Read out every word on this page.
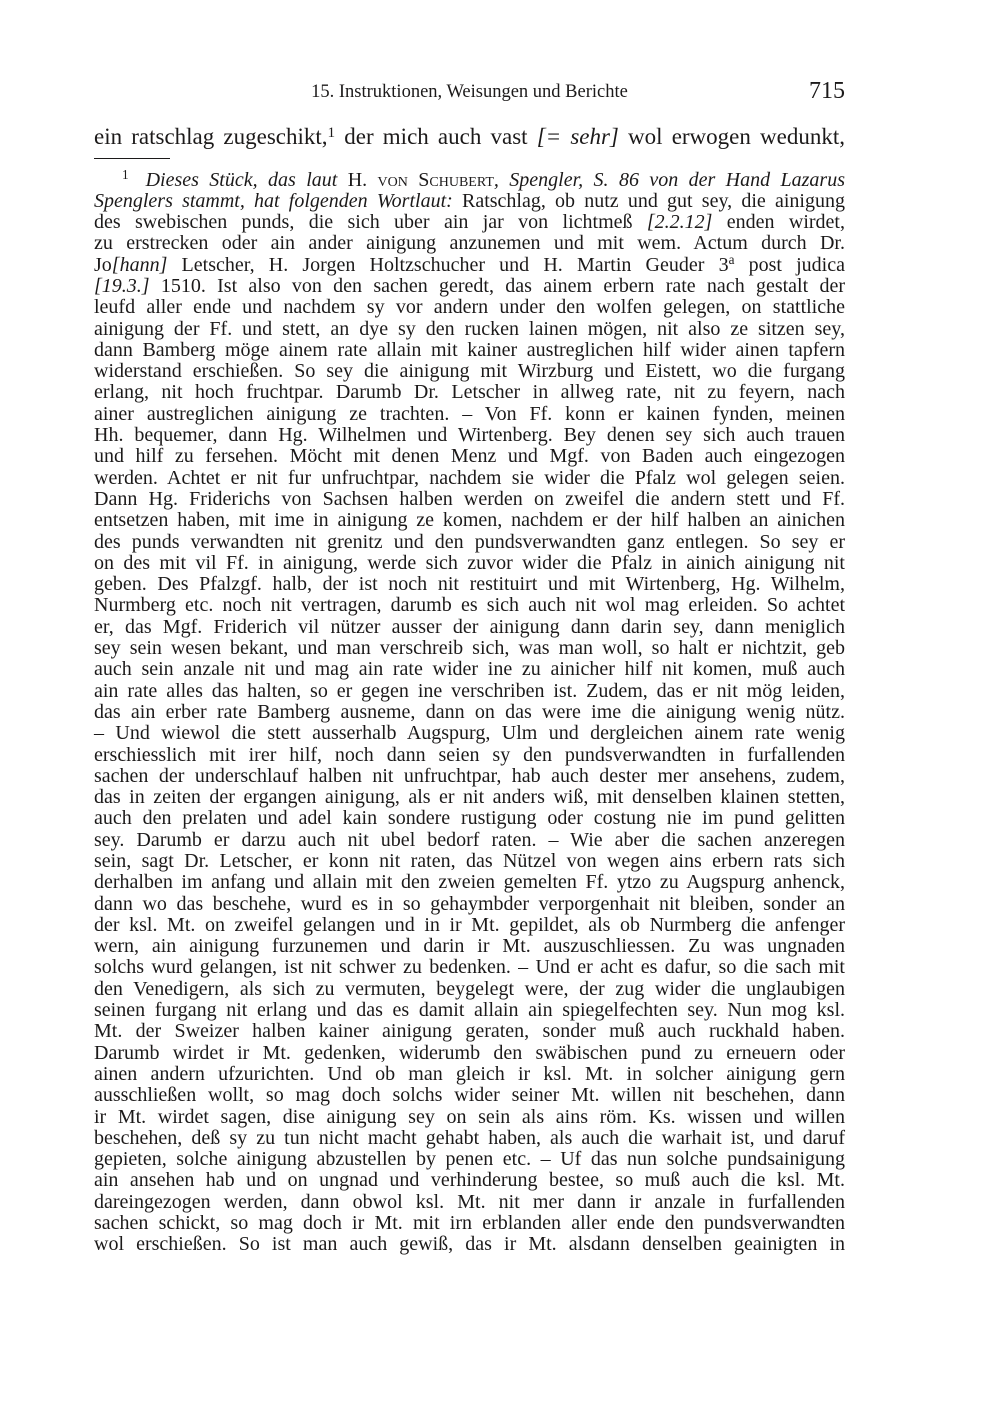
15. Instruktionen, Weisungen und Berichte	715
ein ratschlag zugeschikt,$^1$ der mich auch vast [= sehr] wol erwogen wedunkt,
$^1$ Dieses Stück, das laut H. von Schubert, Spengler, S. 86 von der Hand Lazarus
Spenglers stammt, hat folgenden Wortlaut: Ratschlag, ob nutz und gut sey, die ainigung
des swebischen punds, die sich uber ain jar von lichtmeß [2.2.12] enden wirdet,
zu erstrecken oder ain ander ainigung anzunemen und mit wem. Actum durch Dr.
Jo[hann] Letscher, H. Jorgen Holtzschucher und H. Martin Geuder 3$^a$ post judica
[19.3.] 1510. Ist also von den sachen geredt, das ainem erbern rate nach gestalt der
leufd aller ende und nachdem sy vor andern under den wolfen gelegen, on stattliche
ainigung der Ff. und stett, an dye sy den rucken lainen mögen, nit also ze sitzen sey,
dann Bamberg möge ainem rate allain mit kainer austreglichen hilf wider ainen tapfern
widerstand erschießen. So sey die ainigung mit Wirzburg und Eistett, wo die furgang
erlang, nit hoch fruchtpar. Darumb Dr. Letscher in allweg rate, nit zu feyern, nach
ainer austreglichen ainigung ze trachten. – Von Ff. konn er kainen fynden, meinen
Hh. bequemer, dann Hg. Wilhelmen und Wirtenberg. Bey denen sey sich auch trauen
und hilf zu fersehen. Möcht mit denen Menz und Mgf. von Baden auch eingezogen
werden. Achtet er nit fur unfruchtpar, nachdem sie wider die Pfalz wol gelegen seien.
Dann Hg. Friderichs von Sachsen halben werden on zweifel die andern stett und Ff.
entsetzen haben, mit ime in ainigung ze komen, nachdem er der hilf halben an ainichen
des punds verwandten nit grenitz und den pundsverwandten ganz entlegen. So sey er
on des mit vil Ff. in ainigung, werde sich zuvor wider die Pfalz in ainich ainigung nit
geben. Des Pfalzgf. halb, der ist noch nit restituirt und mit Wirtenberg, Hg. Wilhelm,
Nurmberg etc. noch nit vertragen, darumb es sich auch nit wol mag erleiden. So achtet
er, das Mgf. Friderich vil nützer ausser der ainigung dann darin sey, dann meniglich
sey sein wesen bekant, und man verschreib sich, was man woll, so halt er nichtzit, geb
auch sein anzale nit und mag ain rate wider ine zu ainicher hilf nit komen, muß auch
ain rate alles das halten, so er gegen ine verschriben ist. Zudem, das er nit mög leiden,
das ain erber rate Bamberg ausneme, dann on das were ime die ainigung wenig nütz.
– Und wiewol die stett ausserhalb Augspurg, Ulm und dergleichen ainem rate wenig
erschiesslich mit irer hilf, noch dann seien sy den pundsverwandten in furfallenden
sachen der underschlauf halben nit unfruchtpar, hab auch dester mer ansehens, zudem,
das in zeiten der ergangen ainigung, als er nit anders wiß, mit denselben klainen stetten,
auch den prelaten und adel kain sondere rustigung oder costung nie im pund gelitten
sey. Darumb er darzu auch nit ubel bedorf raten. – Wie aber die sachen anzeregen
sein, sagt Dr. Letscher, er konn nit raten, das Nützel von wegen ains erbern rats sich
derhalben im anfang und allain mit den zweien gemelten Ff. ytzo zu Augspurg anhenck,
dann wo das beschehe, wurd es in so gehaymbder verporgenhait nit bleiben, sonder an
der ksl. Mt. on zweifel gelangen und in ir Mt. gepildet, als ob Nurmberg die anfenger
wern, ain ainigung furzunemen und darin ir Mt. auszuschliessen. Zu was ungnaden
solchs wurd gelangen, ist nit schwer zu bedenken. – Und er acht es dafur, so die sach mit
den Venedigern, als sich zu vermuten, beygelegt were, der zug wider die unglaubigen
seinen furgang nit erlang und das es damit allain ain spiegelfechten sey. Nun mog ksl.
Mt. der Sweizer halben kainer ainigung geraten, sonder muß auch ruckhald haben.
Darumb wirdet ir Mt. gedenken, widerumb den swäbischen pund zu erneuern oder
ainen andern ufzurichten. Und ob man gleich ir ksl. Mt. in solcher ainigung gern
ausschließen wollt, so mag doch solchs wider seiner Mt. willen nit beschehen, dann
ir Mt. wirdet sagen, dise ainigung sey on sein als ains röm. Ks. wissen und willen
beschehen, deß sy zu tun nicht macht gehabt haben, als auch die warhait ist, und daruf
gepieten, solche ainigung abzustellen by penen etc. – Uf das nun solche pundsainigung
ain ansehen hab und on ungnad und verhinderung bestee, so muß auch die ksl. Mt.
dareingezogen werden, dann obwol ksl. Mt. nit mer dann ir anzale in furfallenden
sachen schickt, so mag doch ir Mt. mit irn erblanden aller ende den pundsverwandten
wol erschießen. So ist man auch gewiß, das ir Mt. alsdann denselben geainigten in
